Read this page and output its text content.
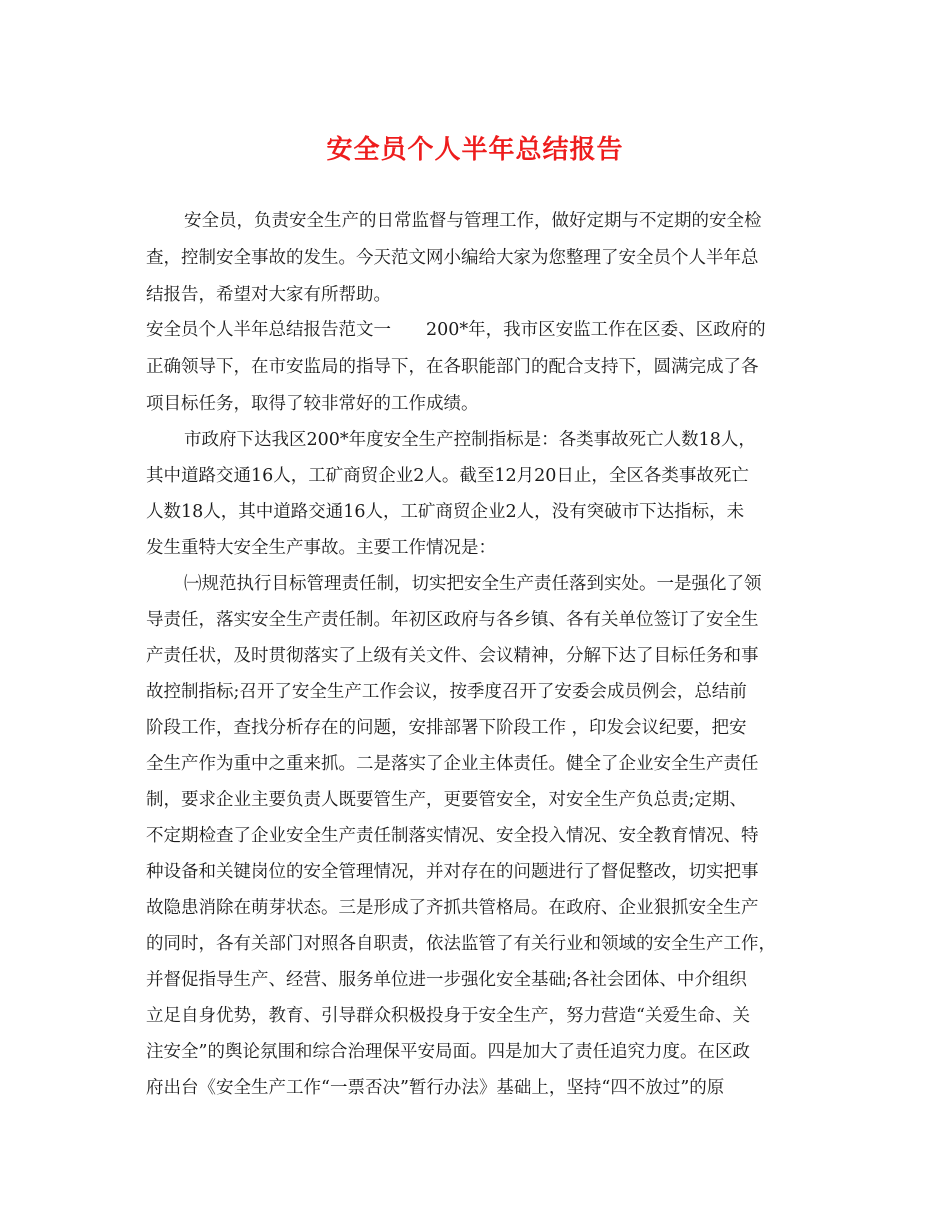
安全员个人半年总结报告
安全员，负责安全生产的日常监督与管理工作，做好定期与不定期的安全检
查，控制安全事故的发生。今天范文网小编给大家为您整理了安全员个人半年总
结报告，希望对大家有所帮助。
安全员个人半年总结报告范文一　　200*年，我市区安监工作在区委、区政府的
正确领导下，在市安监局的指导下，在各职能部门的配合支持下，圆满完成了各
项目标任务，取得了较非常好的工作成绩。
市政府下达我区200*年度安全生产控制指标是：各类事故死亡人数18人，
其中道路交通16人，工矿商贸企业2人。截至12月20日止，全区各类事故死亡
人数18人，其中道路交通16人，工矿商贸企业2人，没有突破市下达指标，未
发生重特大安全生产事故。主要工作情况是：
㈠规范执行目标管理责任制，切实把安全生产责任落到实处。一是强化了领
导责任，落实安全生产责任制。年初区政府与各乡镇、各有关单位签订了安全生
产责任状，及时贯彻落实了上级有关文件、会议精神，分解下达了目标任务和事
故控制指标;召开了安全生产工作会议，按季度召开了安委会成员例会，总结前
阶段工作，查找分析存在的问题，安排部署下阶段工作 ，印发会议纪要，把安
全生产作为重中之重来抓。二是落实了企业主体责任。健全了企业安全生产责任
制，要求企业主要负责人既要管生产，更要管安全，对安全生产负总责;定期、
不定期检查了企业安全生产责任制落实情况、安全投入情况、安全教育情况、特
种设备和关键岗位的安全管理情况，并对存在的问题进行了督促整改，切实把事
故隐患消除在萌芽状态。三是形成了齐抓共管格局。在政府、企业狠抓安全生产
的同时，各有关部门对照各自职责，依法监管了有关行业和领域的安全生产工作，
并督促指导生产、经营、服务单位进一步强化安全基础;各社会团体、中介组织
立足自身优势，教育、引导群众积极投身于安全生产，努力营造“关爱生命、关
注安全”的舆论氛围和综合治理保平安局面。四是加大了责任追究力度。在区政
府出台《安全生产工作“一票否决”暂行办法》基础上，坚持“四不放过”的原
